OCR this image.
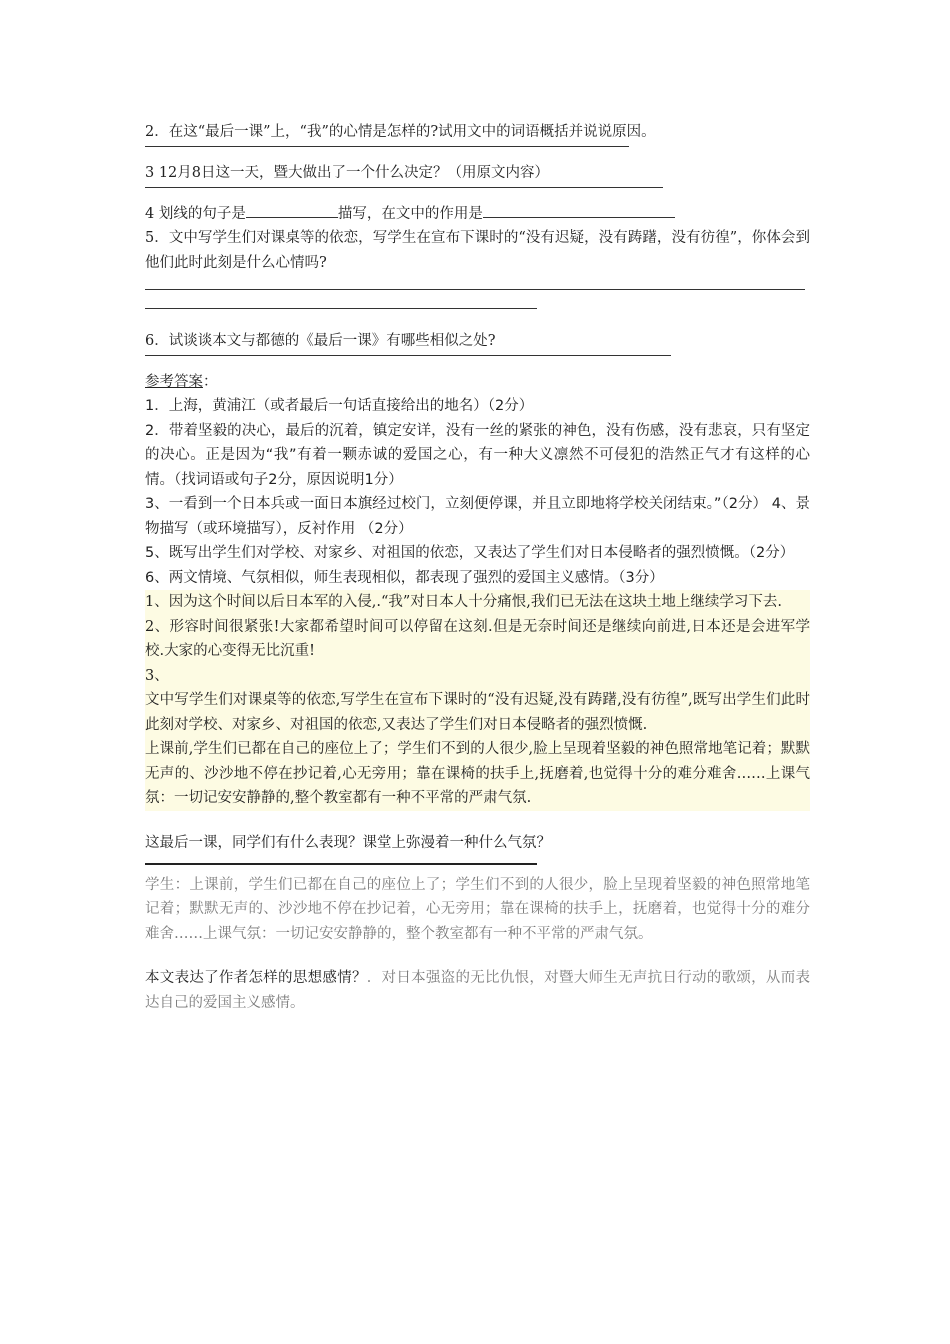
2．在这“最后一课”上，“我”的心情是怎样的?试用文中的词语概括并说说原因。
3 12月8日这一天，暨大做出了一个什么决定？（用原文内容）
4 划线的句子是	描写，在文中的作用是
5．文中写学生们对课桌等的依恋，写学生在宣布下课时的“没有迟疑，没有踌躇，没有彷徨”，你体会到他们此时此刻是什么心情吗?
6．试谈谈本文与都德的《最后一课》有哪些相似之处?
参考答案：
1．上海，黄浦江（或者最后一句话直接给出的地名）（2分）
2．带着坚毅的决心，最后的沉着，镇定安详，没有一丝的紧张的神色，没有伤感，没有悲哀，只有坚定的决心。正是因为“我”有着一颗赤诚的爱国之心，有一种大义凛然不可侵犯的浩然正气才有这样的心情。（找词语或句子2分，原因说明1分）
3、一看到一个日本兵或一面日本旗经过校门，立刻便停课，并且立即地将学校关闭结束。”（2分） 4、景物描写（或环境描写），反衬作用 （2分）
5、既写出学生们对学校、对家乡、对祖国的依恋，又表达了学生们对日本侵略者的强烈愤慨。（2分）
6、两文情境、气氛相似，师生表现相似，都表现了强烈的爱国主义感情。（3分）
1、因为这个时间以后日本军的入侵,.“我”对日本人十分痛恨,我们已无法在这块土地上继续学习下去.
2、形容时间很紧张!大家都希望时间可以停留在这刻.但是无奈时间还是继续向前进,日本还是会进军学校.大家的心变得无比沉重!
3、
文中写学生们对课桌等的依恋,写学生在宣布下课时的“没有迟疑,没有踌躇,没有彷徨”,既写出学生们此时此刻对学校、对家乡、对祖国的依恋,又表达了学生们对日本侵略者的强烈愤慨.
上课前,学生们已都在自己的座位上了；学生们不到的人很少,脸上呈现着坚毅的神色照常地笔记着；默默无声的、沙沙地不停在抄记着,心无旁用；靠在课椅的扶手上,抚磨着,也觉得十分的难分难舍……上课气氛：一切记安安静静的,整个教室都有一种不平常的严肃气氛.
这最后一课，同学们有什么表现？课堂上弥漫着一种什么气氛？
学生：上课前，学生们已都在自己的座位上了；学生们不到的人很少，脸上呈现着坚毅的神色照常地笔记着；默默无声的、沙沙地不停在抄记着，心无旁用；靠在课椅的扶手上，抚磨着，也觉得十分的难分难舍……上课气氛：一切记安安静静的，整个教室都有一种不平常的严肃气氛。
本文表达了作者怎样的思想感情？．对日本强盗的无比仇恨，对暨大师生无声抗日行动的歌颂，从而表达自己的爱国主义感情。
